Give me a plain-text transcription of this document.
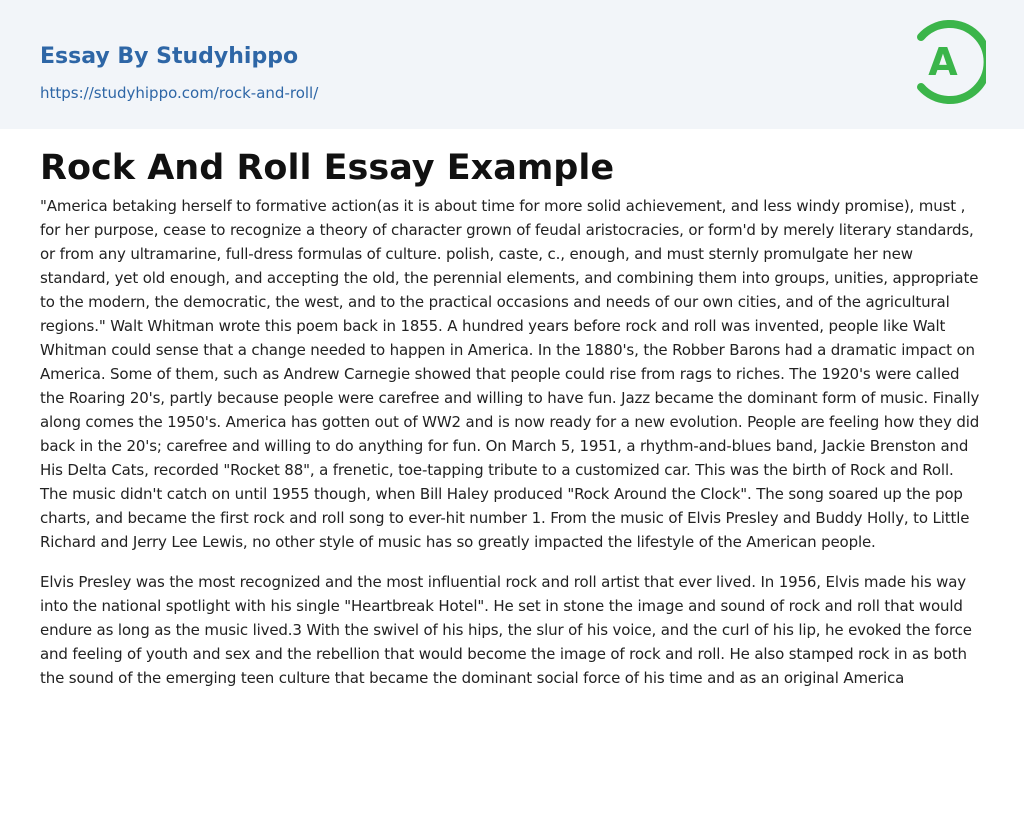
Essay By Studyhippo
https://studyhippo.com/rock-and-roll/
A
Rock And Roll Essay Example

"America betaking herself to formative action(as it is about time for more solid achievement, and less windy promise), must , for her purpose, cease to recognize a theory of character grown of feudal aristocracies, or form'd by merely literary standards, or from any ultramarine, full-dress formulas of culture. polish, caste, c., enough, and must sternly promulgate her new standard, yet old enough, and accepting the old, the perennial elements, and combining them into groups, unities, appropriate to the modern, the democratic, the west, and to the practical occasions and needs of our own cities, and of the agricultural regions." Walt Whitman wrote this poem back in 1855. A hundred years before rock and roll was invented, people like Walt Whitman could sense that a change needed to happen in America. In the 1880's, the Robber Barons had a dramatic impact on America. Some of them, such as Andrew Carnegie showed that people could rise from rags to riches. The 1920's were called the Roaring 20's, partly because people were carefree and willing to have fun. Jazz became the dominant form of music. Finally along comes the 1950's. America has gotten out of WW2 and is now ready for a new evolution. People are feeling how they did back in the 20's; carefree and willing to do anything for fun. On March 5, 1951, a rhythm-and-blues band, Jackie Brenston and His Delta Cats, recorded "Rocket 88", a frenetic, toe-tapping tribute to a customized car. This was the birth of Rock and Roll. The music didn't catch on until 1955 though, when Bill Haley produced "Rock Around the Clock". The song soared up the pop charts, and became the first rock and roll song to ever-hit number 1. From the music of Elvis Presley and Buddy Holly, to Little Richard and Jerry Lee Lewis, no other style of music has so greatly impacted the lifestyle of the American people.

Elvis Presley was the most recognized and the most influential rock and roll artist that ever lived. In 1956, Elvis made his way into the national spotlight with his single "Heartbreak Hotel". He set in stone the image and sound of rock and roll that would endure as long as the music lived.3 With the swivel of his hips, the slur of his voice, and the curl of his lip, he evoked the force and feeling of youth and sex and the rebellion that would become the image of rock and roll. He also stamped rock in as both the sound of the emerging teen culture that became the dominant social force of his time and as an original America
